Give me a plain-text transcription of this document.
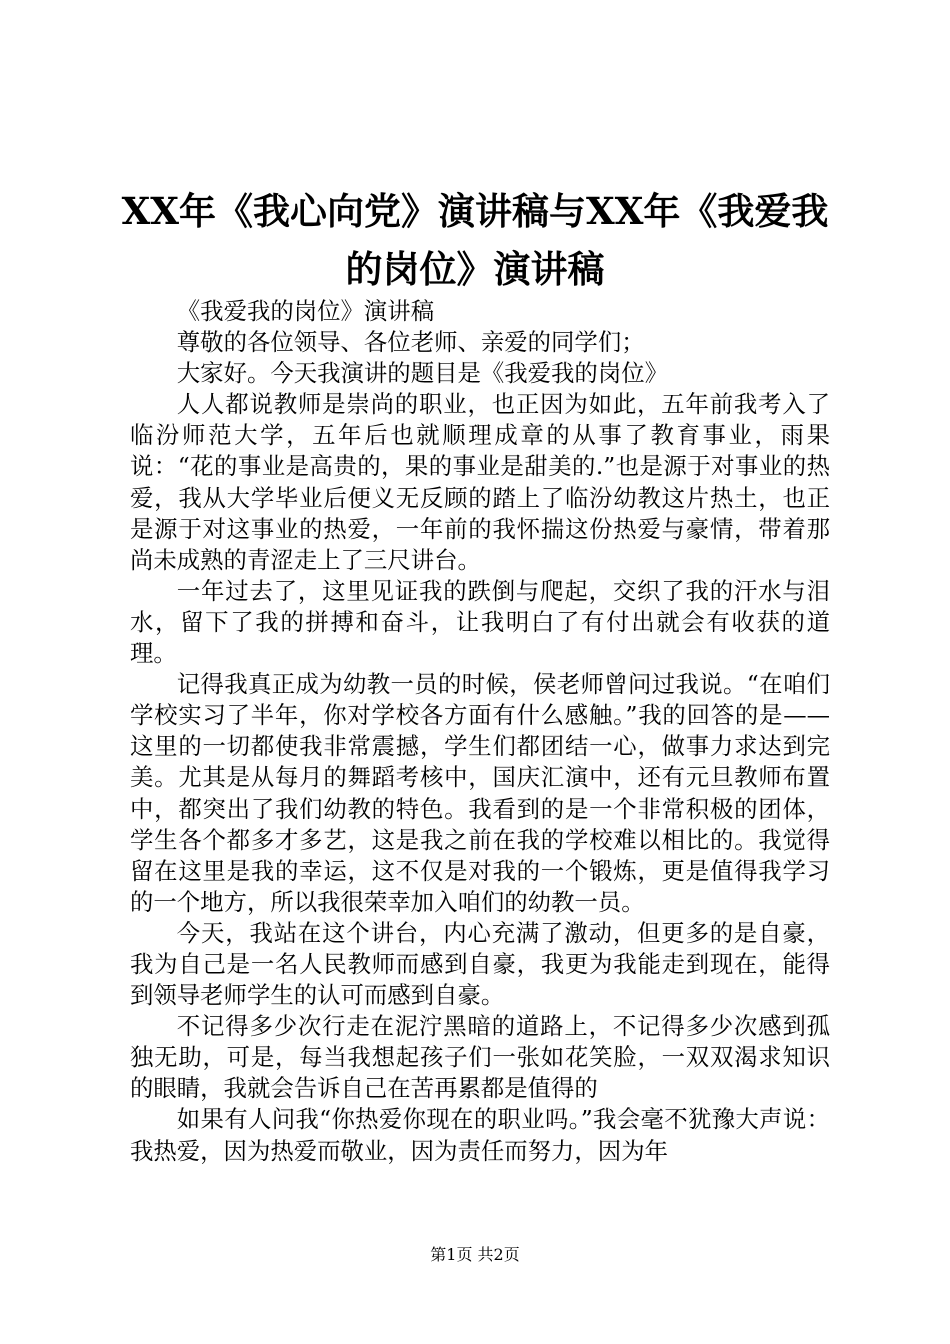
XX年《我心向党》演讲稿与XX年《我爱我的岗位》演讲稿

《我爱我的岗位》演讲稿

尊敬的各位领导、各位老师、亲爱的同学们；

大家好。今天我演讲的题目是《我爱我的岗位》

人人都说教师是崇尚的职业，也正因为如此，五年前我考入了临汾师范大学，五年后也就顺理成章的从事了教育事业，雨果说：“花的事业是高贵的，果的事业是甜美的.”也是源于对事业的热爱，我从大学毕业后便义无反顾的踏上了临汾幼教这片热土，也正是源于对这事业的热爱，一年前的我怀揣这份热爱与豪情，带着那尚未成熟的青涩走上了三尺讲台。

一年过去了，这里见证我的跌倒与爬起，交织了我的汗水与泪水，留下了我的拼搏和奋斗，让我明白了有付出就会有收获的道理。

记得我真正成为幼教一员的时候，侯老师曾问过我说。“在咱们学校实习了半年，你对学校各方面有什么感触。”我的回答的是——这里的一切都使我非常震撼，学生们都团结一心，做事力求达到完美。尤其是从每月的舞蹈考核中，国庆汇演中，还有元旦教师布置中，都突出了我们幼教的特色。我看到的是一个非常积极的团体，学生各个都多才多艺，这是我之前在我的学校难以相比的。我觉得留在这里是我的幸运，这不仅是对我的一个锻炼，更是值得我学习的一个地方，所以我很荣幸加入咱们的幼教一员。

今天，我站在这个讲台，内心充满了激动，但更多的是自豪，我为自己是一名人民教师而感到自豪，我更为我能走到现在，能得到领导老师学生的认可而感到自豪。

不记得多少次行走在泥泞黑暗的道路上，不记得多少次感到孤独无助，可是，每当我想起孩子们一张如花笑脸，一双双渴求知识的眼睛，我就会告诉自己在苦再累都是值得的

如果有人问我“你热爱你现在的职业吗。”我会毫不犹豫大声说：我热爱，因为热爱而敬业，因为责任而努力，因为年

第1页 共2页
